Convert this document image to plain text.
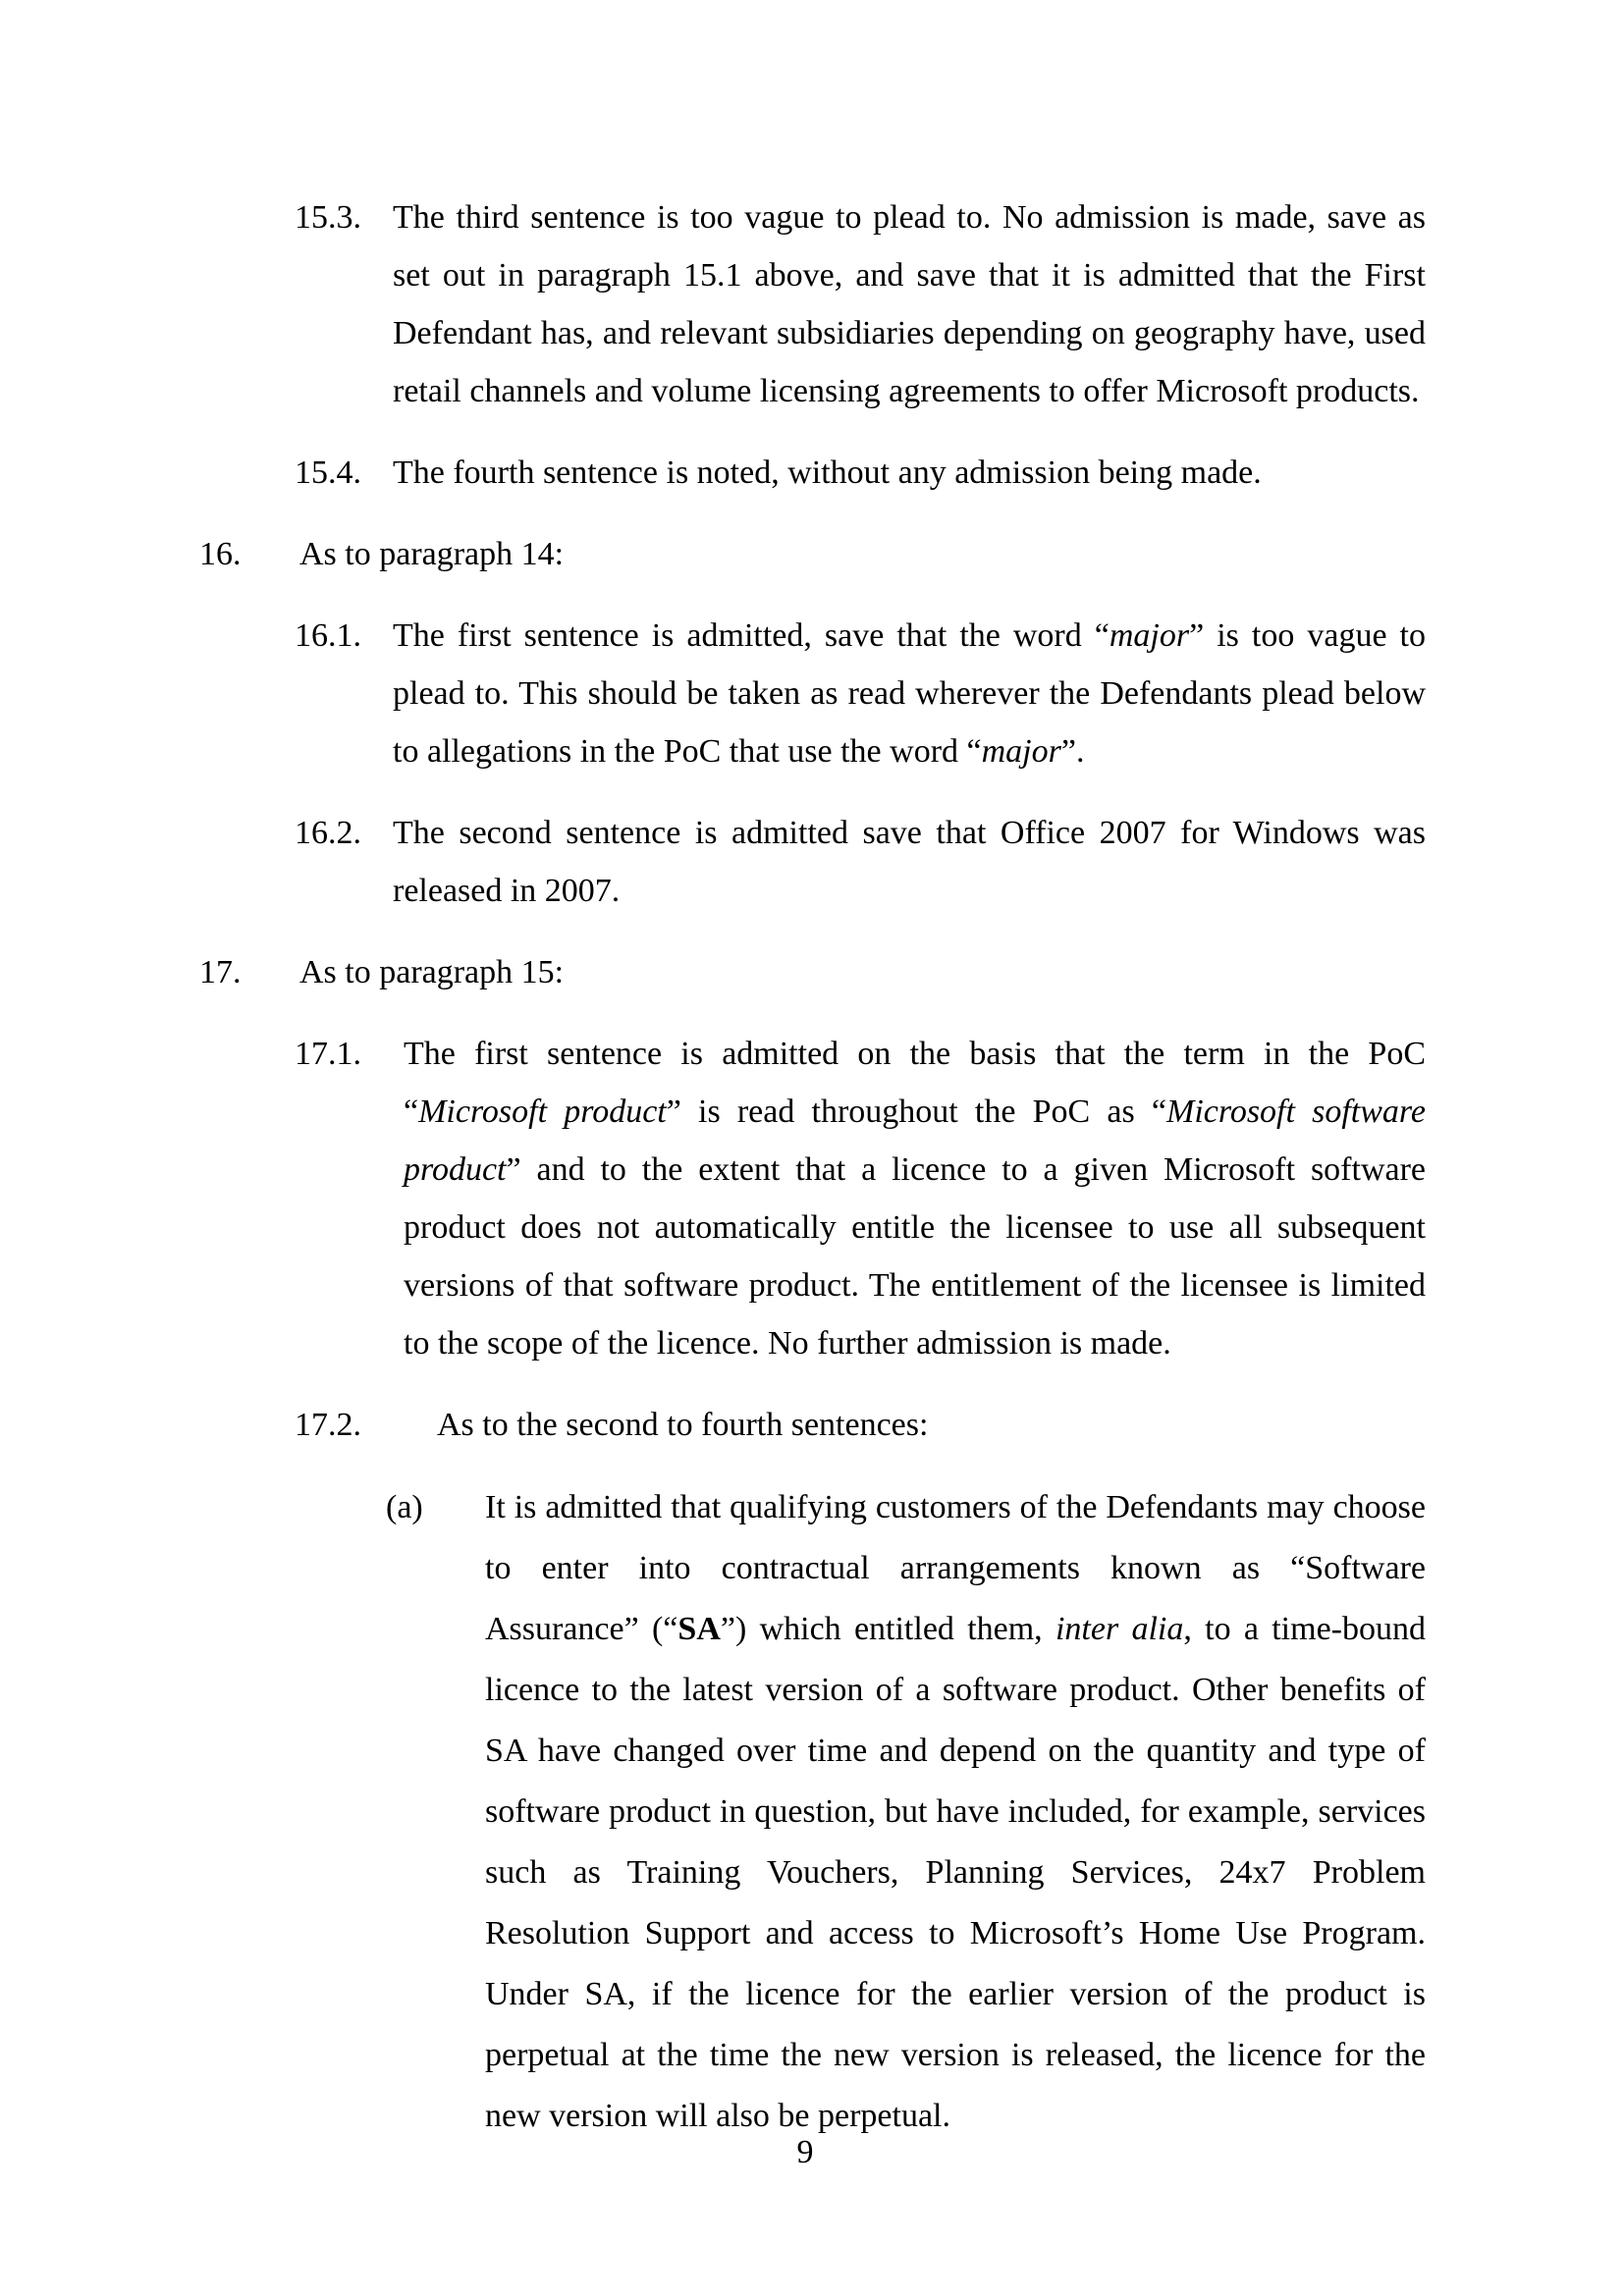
15.3. The third sentence is too vague to plead to. No admission is made, save as set out in paragraph 15.1 above, and save that it is admitted that the First Defendant has, and relevant subsidiaries depending on geography have, used retail channels and volume licensing agreements to offer Microsoft products.
15.4. The fourth sentence is noted, without any admission being made.
16.	As to paragraph 14:
16.1. The first sentence is admitted, save that the word “major” is too vague to plead to. This should be taken as read wherever the Defendants plead below to allegations in the PoC that use the word “major”.
16.2. The second sentence is admitted save that Office 2007 for Windows was released in 2007.
17.	As to paragraph 15:
17.1.	The first sentence is admitted on the basis that the term in the PoC “Microsoft product” is read throughout the PoC as “Microsoft software product” and to the extent that a licence to a given Microsoft software product does not automatically entitle the licensee to use all subsequent versions of that software product. The entitlement of the licensee is limited to the scope of the licence. No further admission is made.
17.2.	As to the second to fourth sentences:
(a)	It is admitted that qualifying customers of the Defendants may choose to enter into contractual arrangements known as “Software Assurance” (“SA”) which entitled them, inter alia, to a time-bound licence to the latest version of a software product. Other benefits of SA have changed over time and depend on the quantity and type of software product in question, but have included, for example, services such as Training Vouchers, Planning Services, 24x7 Problem Resolution Support and access to Microsoft’s Home Use Program. Under SA, if the licence for the earlier version of the product is perpetual at the time the new version is released, the licence for the new version will also be perpetual.
9
